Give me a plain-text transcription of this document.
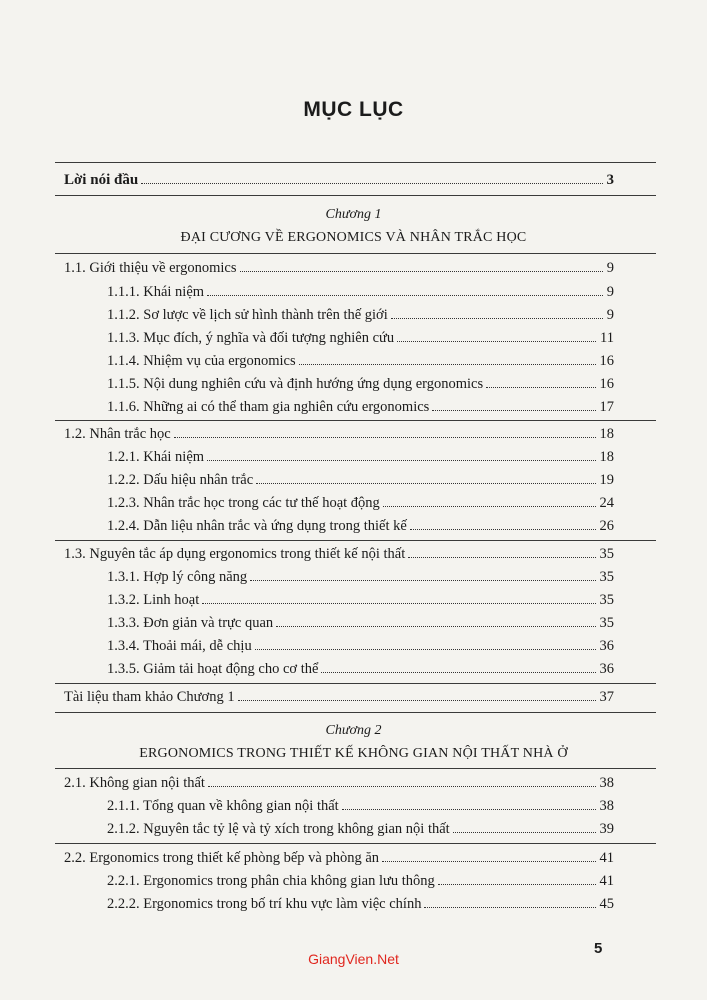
MỤC LỤC
Lời nói đầu	3
Chương 1
ĐẠI CƯƠNG VỀ ERGONOMICS VÀ NHÂN TRẮC HỌC
1.1. Giới thiệu về ergonomics	9
1.1.1. Khái niệm	9
1.1.2. Sơ lược về lịch sử hình thành trên thế giới	9
1.1.3. Mục đích, ý nghĩa và đối tượng nghiên cứu	11
1.1.4. Nhiệm vụ của ergonomics	16
1.1.5. Nội dung nghiên cứu và định hướng ứng dụng ergonomics	16
1.1.6. Những ai có thể tham gia nghiên cứu ergonomics	17
1.2. Nhân trắc học	18
1.2.1. Khái niệm	18
1.2.2. Dấu hiệu nhân trắc	19
1.2.3. Nhân trắc học trong các tư thế hoạt động	24
1.2.4. Dẫn liệu nhân trắc và ứng dụng trong thiết kế	26
1.3. Nguyên tắc áp dụng ergonomics trong thiết kế nội thất	35
1.3.1. Hợp lý công năng	35
1.3.2. Linh hoạt	35
1.3.3. Đơn giản và trực quan	35
1.3.4. Thoải mái, dễ chịu	36
1.3.5. Giảm tải hoạt động cho cơ thể	36
Tài liệu tham khảo Chương 1	37
Chương 2
ERGONOMICS TRONG THIẾT KẾ KHÔNG GIAN NỘI THẤT NHÀ Ở
2.1. Không gian nội thất	38
2.1.1. Tổng quan về không gian nội thất	38
2.1.2. Nguyên tắc tỷ lệ và tỷ xích trong không gian nội thất	39
2.2. Ergonomics trong thiết kế phòng bếp và phòng ăn	41
2.2.1. Ergonomics trong phân chia không gian lưu thông	41
2.2.2. Ergonomics trong bố trí khu vực làm việc chính	45
5
GiangVien.Net
